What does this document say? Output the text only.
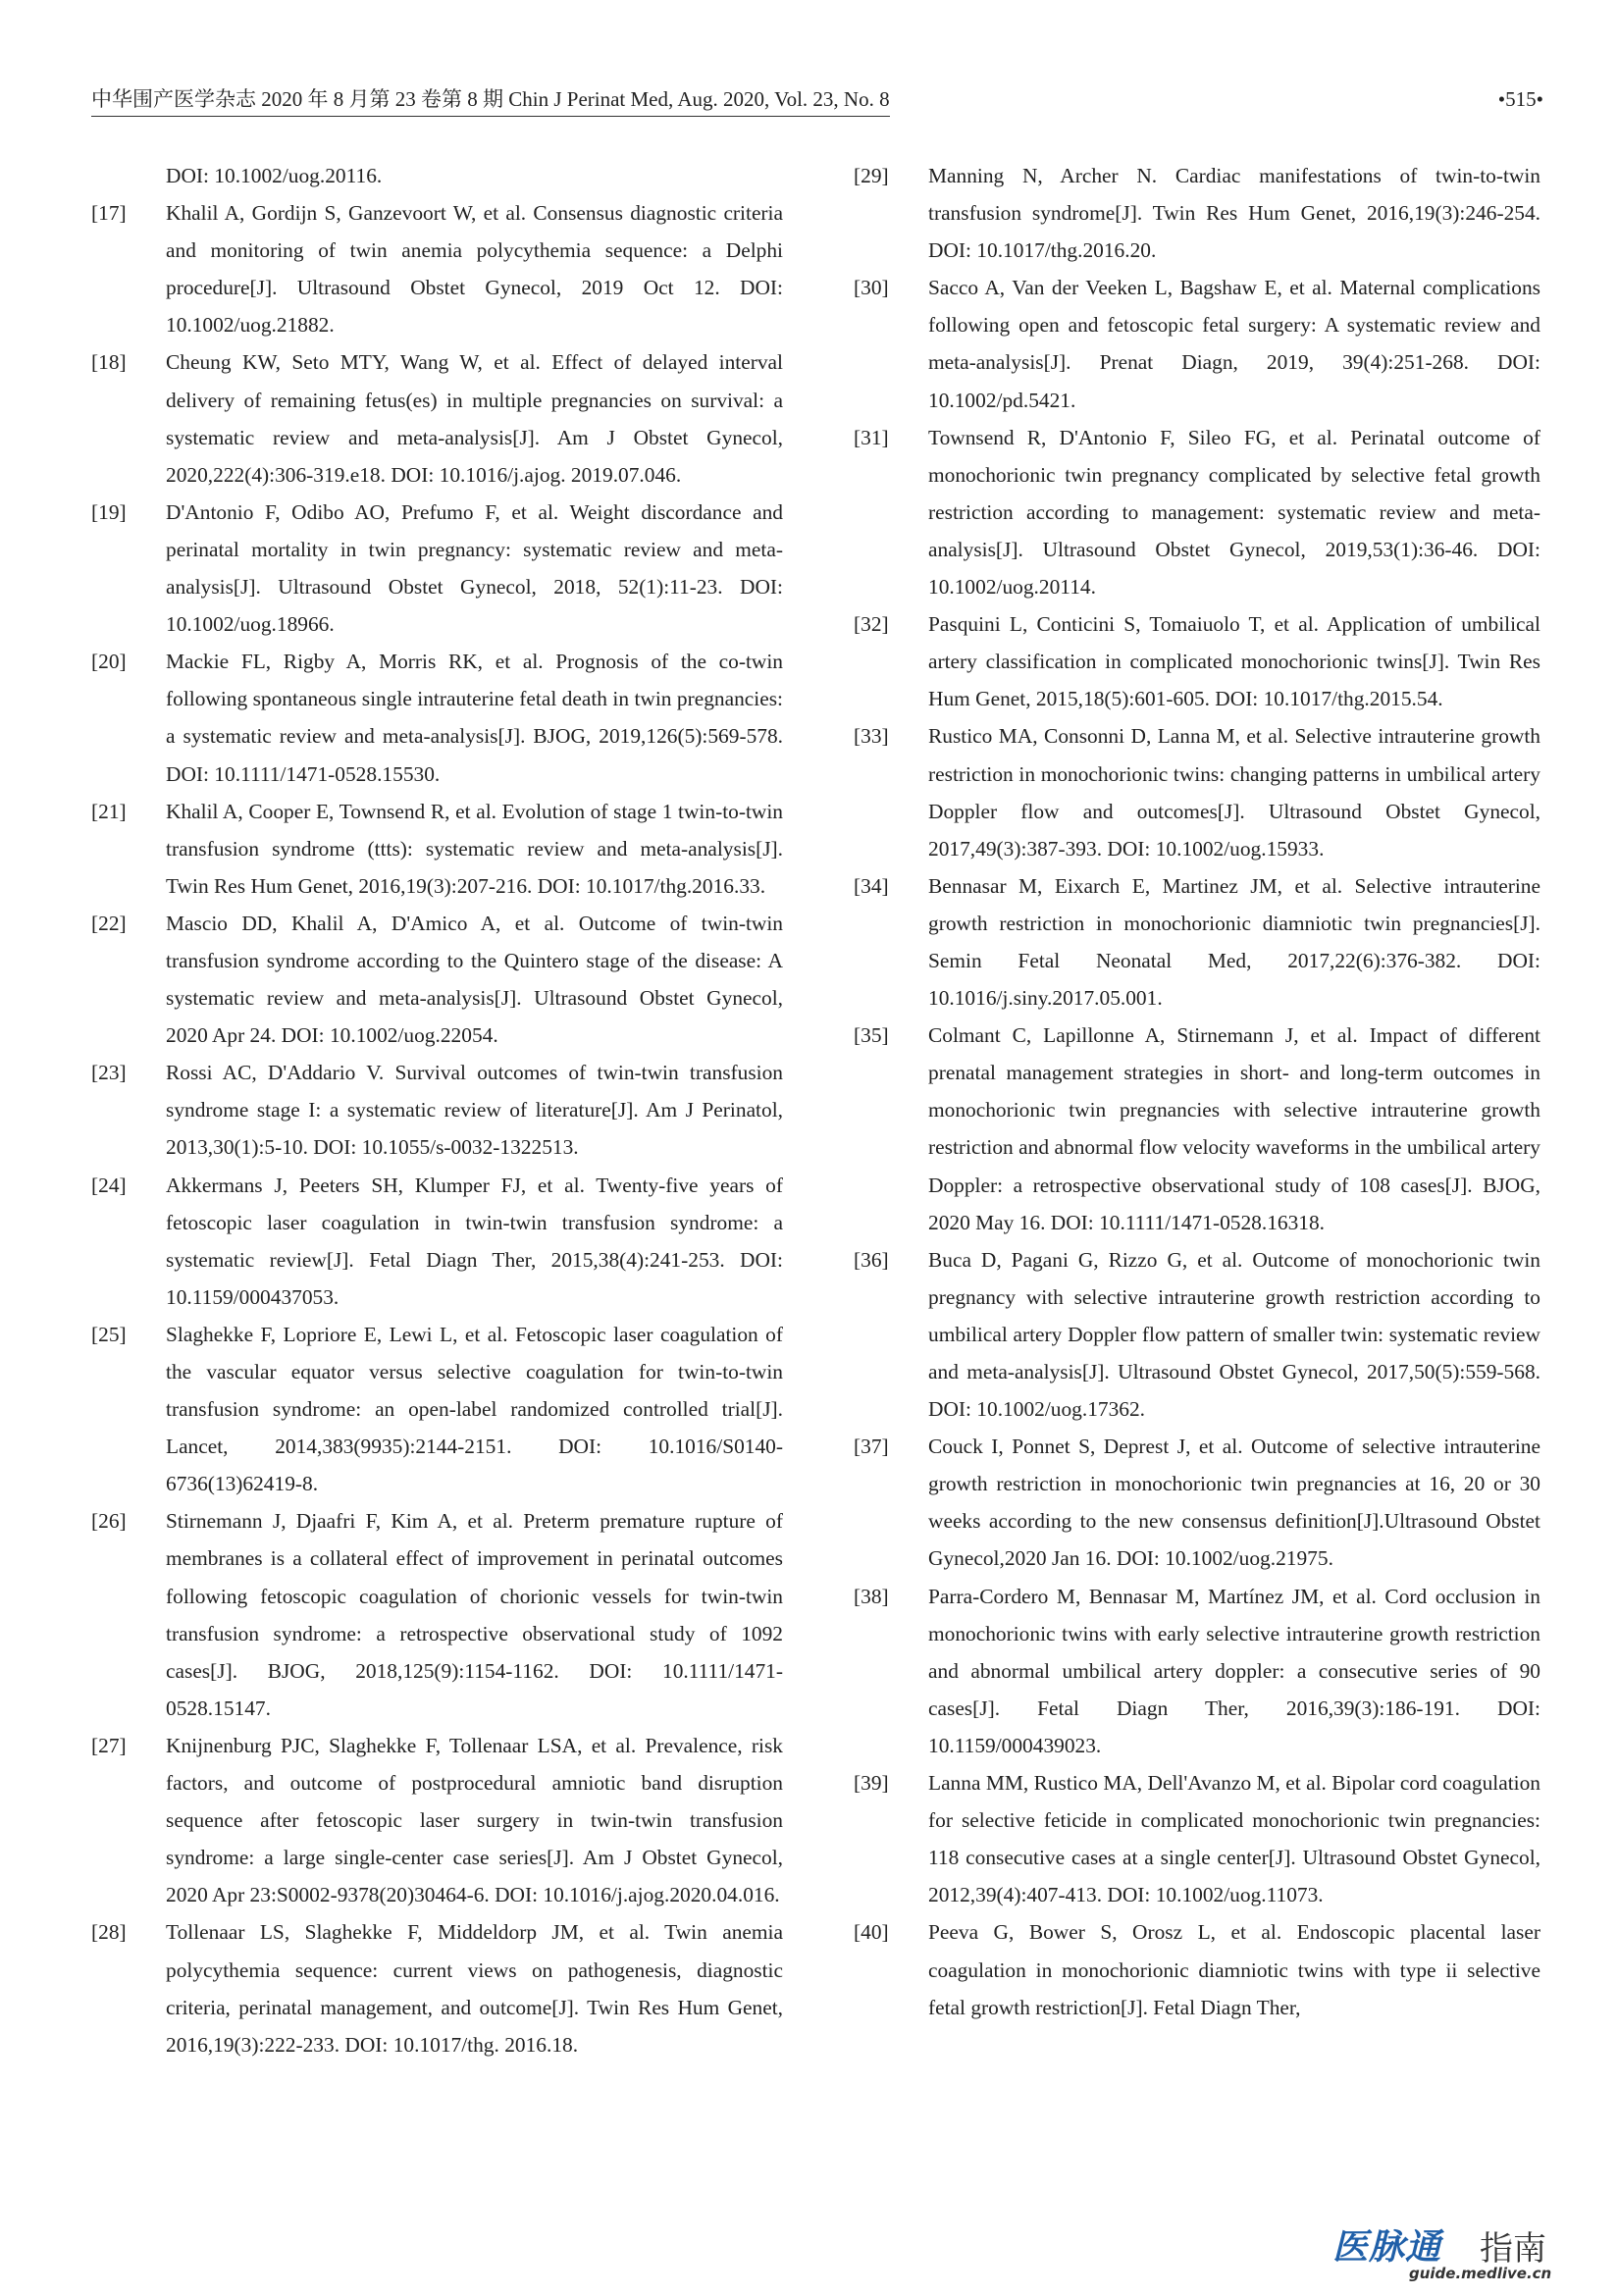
中华围产医学杂志 2020 年 8 月第 23 卷第 8 期 Chin J Perinat Med, Aug. 2020, Vol. 23, No. 8	•515•
DOI: 10.1002/uog.20116.
[17]	Khalil A, Gordijn S, Ganzevoort W, et al. Consensus diagnostic criteria and monitoring of twin anemia polycythemia sequence: a Delphi procedure[J]. Ultrasound Obstet Gynecol, 2019 Oct 12. DOI: 10.1002/uog.21882.
[18]	Cheung KW, Seto MTY, Wang W, et al. Effect of delayed interval delivery of remaining fetus(es) in multiple pregnancies on survival: a systematic review and meta-analysis[J]. Am J Obstet Gynecol, 2020,222(4):306-319.e18. DOI: 10.1016/j.ajog. 2019.07.046.
[19]	D'Antonio F, Odibo AO, Prefumo F, et al. Weight discordance and perinatal mortality in twin pregnancy: systematic review and meta-analysis[J]. Ultrasound Obstet Gynecol, 2018, 52(1):11-23. DOI: 10.1002/uog.18966.
[20]	Mackie FL, Rigby A, Morris RK, et al. Prognosis of the co-twin following spontaneous single intrauterine fetal death in twin pregnancies: a systematic review and meta-analysis[J]. BJOG, 2019,126(5):569-578. DOI: 10.1111/1471-0528.15530.
[21]	Khalil A, Cooper E, Townsend R, et al. Evolution of stage 1 twin-to-twin transfusion syndrome (ttts): systematic review and meta-analysis[J]. Twin Res Hum Genet, 2016,19(3):207-216. DOI: 10.1017/thg.2016.33.
[22]	Mascio DD, Khalil A, D'Amico A, et al. Outcome of twin-twin transfusion syndrome according to the Quintero stage of the disease: A systematic review and meta-analysis[J]. Ultrasound Obstet Gynecol, 2020 Apr 24. DOI: 10.1002/uog.22054.
[23]	Rossi AC, D'Addario V. Survival outcomes of twin-twin transfusion syndrome stage I: a systematic review of literature[J]. Am J Perinatol, 2013,30(1):5-10. DOI: 10.1055/s-0032-1322513.
[24]	Akkermans J, Peeters SH, Klumper FJ, et al. Twenty-five years of fetoscopic laser coagulation in twin-twin transfusion syndrome: a systematic review[J]. Fetal Diagn Ther, 2015,38(4):241-253. DOI: 10.1159/000437053.
[25]	Slaghekke F, Lopriore E, Lewi L, et al. Fetoscopic laser coagulation of the vascular equator versus selective coagulation for twin-to-twin transfusion syndrome: an open-label randomized controlled trial[J]. Lancet, 2014,383(9935):2144-2151. DOI: 10.1016/S0140-6736(13)62419-8.
[26]	Stirnemann J, Djaafri F, Kim A, et al. Preterm premature rupture of membranes is a collateral effect of improvement in perinatal outcomes following fetoscopic coagulation of chorionic vessels for twin-twin transfusion syndrome: a retrospective observational study of 1092 cases[J]. BJOG, 2018,125(9):1154-1162. DOI: 10.1111/1471-0528.15147.
[27]	Knijnenburg PJC, Slaghekke F, Tollenaar LSA, et al. Prevalence, risk factors, and outcome of postprocedural amniotic band disruption sequence after fetoscopic laser surgery in twin-twin transfusion syndrome: a large single-center case series[J]. Am J Obstet Gynecol, 2020 Apr 23:S0002-9378(20)30464-6. DOI: 10.1016/j.ajog.2020.04.016.
[28]	Tollenaar LS, Slaghekke F, Middeldorp JM, et al. Twin anemia polycythemia sequence: current views on pathogenesis, diagnostic criteria, perinatal management, and outcome[J]. Twin Res Hum Genet, 2016,19(3):222-233. DOI: 10.1017/thg. 2016.18.
[29]	Manning N, Archer N. Cardiac manifestations of twin-to-twin transfusion syndrome[J]. Twin Res Hum Genet, 2016,19(3):246-254. DOI: 10.1017/thg.2016.20.
[30]	Sacco A, Van der Veeken L, Bagshaw E, et al. Maternal complications following open and fetoscopic fetal surgery: A systematic review and meta-analysis[J]. Prenat Diagn, 2019, 39(4):251-268. DOI: 10.1002/pd.5421.
[31]	Townsend R, D'Antonio F, Sileo FG, et al. Perinatal outcome of monochorionic twin pregnancy complicated by selective fetal growth restriction according to management: systematic review and meta-analysis[J]. Ultrasound Obstet Gynecol, 2019,53(1):36-46. DOI: 10.1002/uog.20114.
[32]	Pasquini L, Conticini S, Tomaiuolo T, et al. Application of umbilical artery classification in complicated monochorionic twins[J]. Twin Res Hum Genet, 2015,18(5):601-605. DOI: 10.1017/thg.2015.54.
[33]	Rustico MA, Consonni D, Lanna M, et al. Selective intrauterine growth restriction in monochorionic twins: changing patterns in umbilical artery Doppler flow and outcomes[J]. Ultrasound Obstet Gynecol, 2017,49(3):387-393. DOI: 10.1002/uog.15933.
[34]	Bennasar M, Eixarch E, Martinez JM, et al. Selective intrauterine growth restriction in monochorionic diamniotic twin pregnancies[J]. Semin Fetal Neonatal Med, 2017,22(6):376-382. DOI: 10.1016/j.siny.2017.05.001.
[35]	Colmant C, Lapillonne A, Stirnemann J, et al. Impact of different prenatal management strategies in short- and long-term outcomes in monochorionic twin pregnancies with selective intrauterine growth restriction and abnormal flow velocity waveforms in the umbilical artery Doppler: a retrospective observational study of 108 cases[J]. BJOG, 2020 May 16. DOI: 10.1111/1471-0528.16318.
[36]	Buca D, Pagani G, Rizzo G, et al. Outcome of monochorionic twin pregnancy with selective intrauterine growth restriction according to umbilical artery Doppler flow pattern of smaller twin: systematic review and meta-analysis[J]. Ultrasound Obstet Gynecol, 2017,50(5):559-568. DOI: 10.1002/uog.17362.
[37]	Couck I, Ponnet S, Deprest J, et al. Outcome of selective intrauterine growth restriction in monochorionic twin pregnancies at 16, 20 or 30 weeks according to the new consensus definition[J].Ultrasound Obstet Gynecol,2020 Jan 16. DOI: 10.1002/uog.21975.
[38]	Parra-Cordero M, Bennasar M, Martínez JM, et al. Cord occlusion in monochorionic twins with early selective intrauterine growth restriction and abnormal umbilical artery doppler: a consecutive series of 90 cases[J]. Fetal Diagn Ther, 2016,39(3):186-191. DOI: 10.1159/000439023.
[39]	Lanna MM, Rustico MA, Dell'Avanzo M, et al. Bipolar cord coagulation for selective feticide in complicated monochorionic twin pregnancies: 118 consecutive cases at a single center[J]. Ultrasound Obstet Gynecol, 2012,39(4):407-413. DOI: 10.1002/uog.11073.
[40]	Peeva G, Bower S, Orosz L, et al. Endoscopic placental laser coagulation in monochorionic diamniotic twins with type ii selective fetal growth restriction[J]. Fetal Diagn Ther,
医脉通 指南
guide.medlive.cn
